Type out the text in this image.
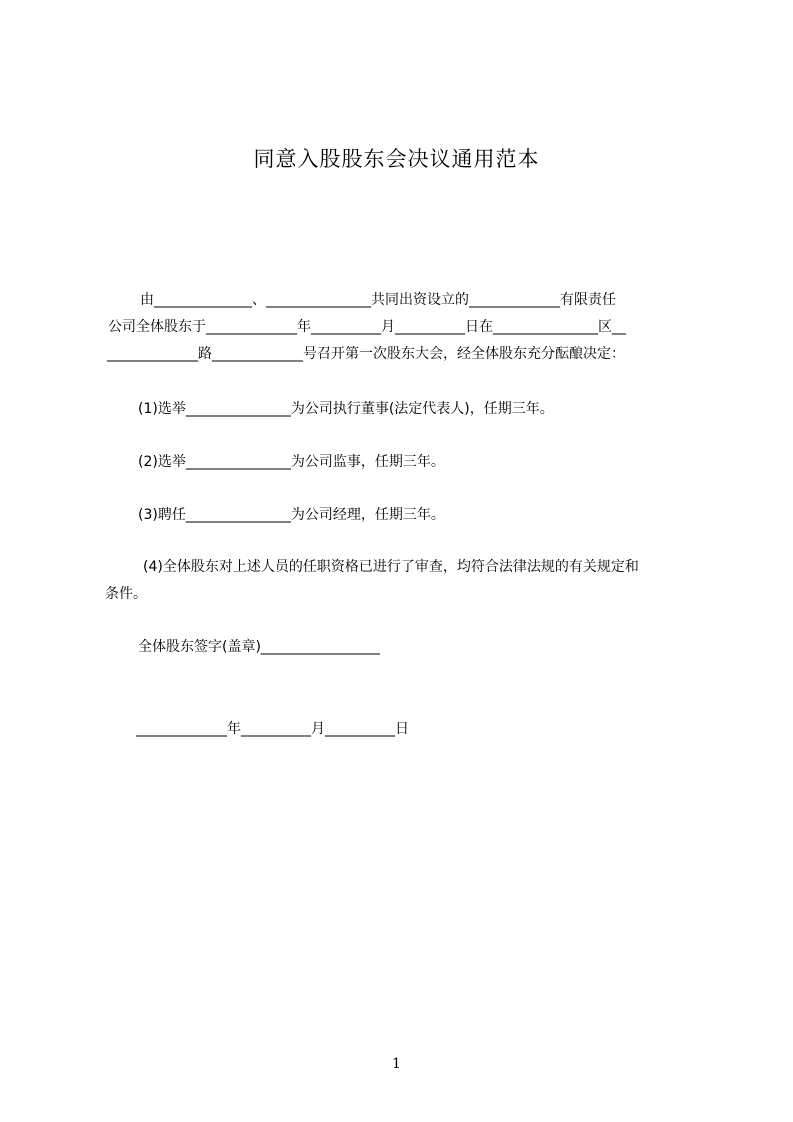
同意入股股东会决议通用范本
由______________、_______________共同出资设立的_____________有限责任
公司全体股东于_____________年__________月__________日在_______________区__
_____________路_____________号召开第一次股东大会，经全体股东充分酝酿决定：
(1)选举_______________为公司执行董事(法定代表人)，任期三年。
(2)选举_______________为公司监事，任期三年。
(3)聘任_______________为公司经理，任期三年。
(4)全体股东对上述人员的任职资格已进行了审查，均符合法律法规的有关规定和
条件。
全体股东签字(盖章)_________________
_____________年__________月__________日
1
